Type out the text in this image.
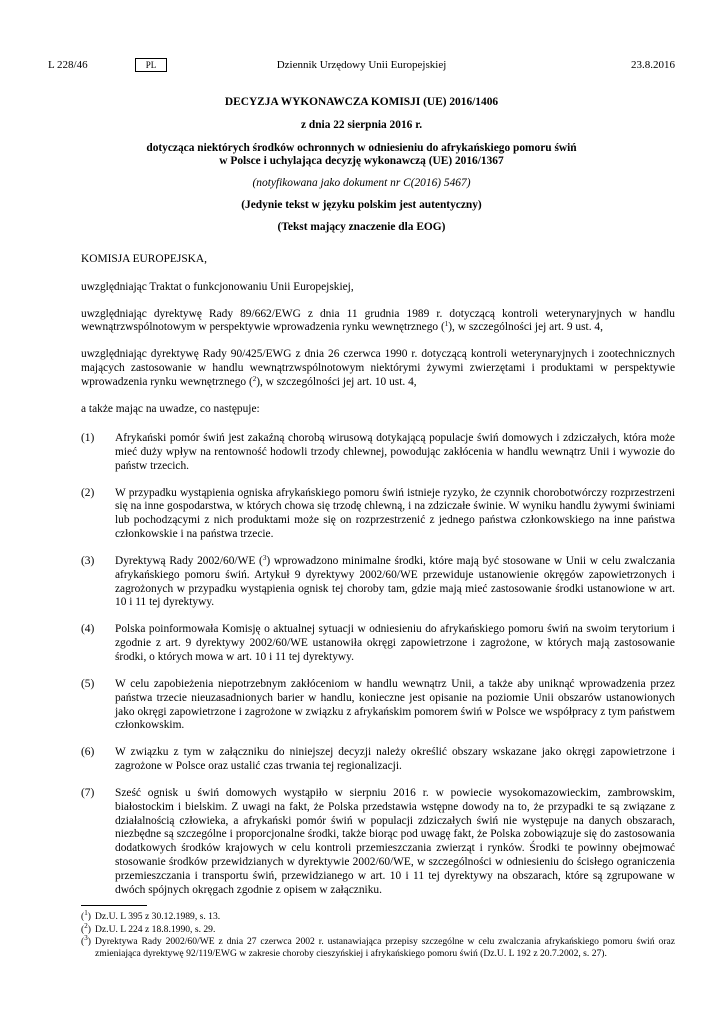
L 228/46	Dziennik Urzędowy Unii Europejskiej
PL	23.8.2016

DECYZJA WYKONAWCZA KOMISJI (UE) 2016/1406

z dnia 22 sierpnia 2016 r.

dotycząca niektórych środków ochronnych w odniesieniu do afrykańskiego pomoru świń
w Polsce i uchylająca decyzję wykonawczą (UE) 2016/1367

(notyfikowana jako dokument nr C(2016) 5467)

(Jedynie tekst w języku polskim jest autentyczny)

(Tekst mający znaczenie dla EOG)

KOMISJA EUROPEJSKA,

uwzględniając Traktat o funkcjonowaniu Unii Europejskiej,

uwzględniając dyrektywę Rady 89/662/EWG z dnia 11 grudnia 1989 r. dotyczącą kontroli weterynaryjnych w handlu wewnątrzwspólnotowym w perspektywie wprowadzenia rynku wewnętrznego ($^1$), w szczególności jej art. 9 ust. 4,

uwzględniając dyrektywę Rady 90/425/EWG z dnia 26 czerwca 1990 r. dotyczącą kontroli weterynaryjnych i zootechnicznych mających zastosowanie w handlu wewnątrzwspólnotowym niektórymi żywymi zwierzętami i produktami w perspektywie wprowadzenia rynku wewnętrznego ($^2$), w szczególności jej art. 10 ust. 4,

a także mając na uwadze, co następuje:

(1)	Afrykański pomór świń jest zakaźną chorobą wirusową dotykającą populacje świń domowych i zdziczałych, która może mieć duży wpływ na rentowność hodowli trzody chlewnej, powodując zakłócenia w handlu wewnątrz Unii i wywozie do państw trzecich.
(2)	W przypadku wystąpienia ogniska afrykańskiego pomoru świń istnieje ryzyko, że czynnik chorobotwórczy rozprzestrzeni się na inne gospodarstwa, w których chowa się trzodę chlewną, i na zdziczałe świnie. W wyniku handlu żywymi świniami lub pochodzącymi z nich produktami może się on rozprzestrzenić z jednego państwa członkowskiego na inne państwa członkowskie i na państwa trzecie.
(3)	Dyrektywą Rady 2002/60/WE ($^3$) wprowadzono minimalne środki, które mają być stosowane w Unii w celu zwalczania afrykańskiego pomoru świń. Artykuł 9 dyrektywy 2002/60/WE przewiduje ustanowienie okręgów zapowietrzonych i zagrożonych w przypadku wystąpienia ognisk tej choroby tam, gdzie mają mieć zastosowanie środki ustanowione w art. 10 i 11 tej dyrektywy.
(4)	Polska poinformowała Komisję o aktualnej sytuacji w odniesieniu do afrykańskiego pomoru świń na swoim terytorium i zgodnie z art. 9 dyrektywy 2002/60/WE ustanowiła okręgi zapowietrzone i zagrożone, w których mają zastosowanie środki, o których mowa w art. 10 i 11 tej dyrektywy.
(5)	W celu zapobieżenia niepotrzebnym zakłóceniom w handlu wewnątrz Unii, a także aby uniknąć wprowadzenia przez państwa trzecie nieuzasadnionych barier w handlu, konieczne jest opisanie na poziomie Unii obszarów ustanowionych jako okręgi zapowietrzone i zagrożone w związku z afrykańskim pomorem świń w Polsce we współpracy z tym państwem członkowskim.
(6)	W związku z tym w załączniku do niniejszej decyzji należy określić obszary wskazane jako okręgi zapowietrzone i zagrożone w Polsce oraz ustalić czas trwania tej regionalizacji.
(7)	Sześć ognisk u świń domowych wystąpiło w sierpniu 2016 r. w powiecie wysokomazowieckim, zambrowskim, białostockim i bielskim. Z uwagi na fakt, że Polska przedstawia wstępne dowody na to, że przypadki te są związane z działalnością człowieka, a afrykański pomór świń w populacji zdziczałych świń nie występuje na danych obszarach, niezbędne są szczególne i proporcjonalne środki, także biorąc pod uwagę fakt, że Polska zobowiązuje się do zastosowania dodatkowych środków krajowych w celu kontroli przemieszczania zwierząt i rynków. Środki te powinny obejmować stosowanie środków przewidzianych w dyrektywie 2002/60/WE, w szczególności w odniesieniu do ścisłego ograniczenia przemieszczania i transportu świń, przewidzianego w art. 10 i 11 tej dyrektywy na obszarach, które są zgrupowane w dwóch spójnych okręgach zgodnie z opisem w załączniku.
($^1$) Dz.U. L 395 z 30.12.1989, s. 13.
($^2$) Dz.U. L 224 z 18.8.1990, s. 29.
($^3$) Dyrektywa Rady 2002/60/WE z dnia 27 czerwca 2002 r. ustanawiająca przepisy szczególne w celu zwalczania afrykańskiego pomoru świń oraz zmieniająca dyrektywę 92/119/EWG w zakresie choroby cieszyńskiej i afrykańskiego pomoru świń (Dz.U. L 192 z 20.7.2002, s. 27).
